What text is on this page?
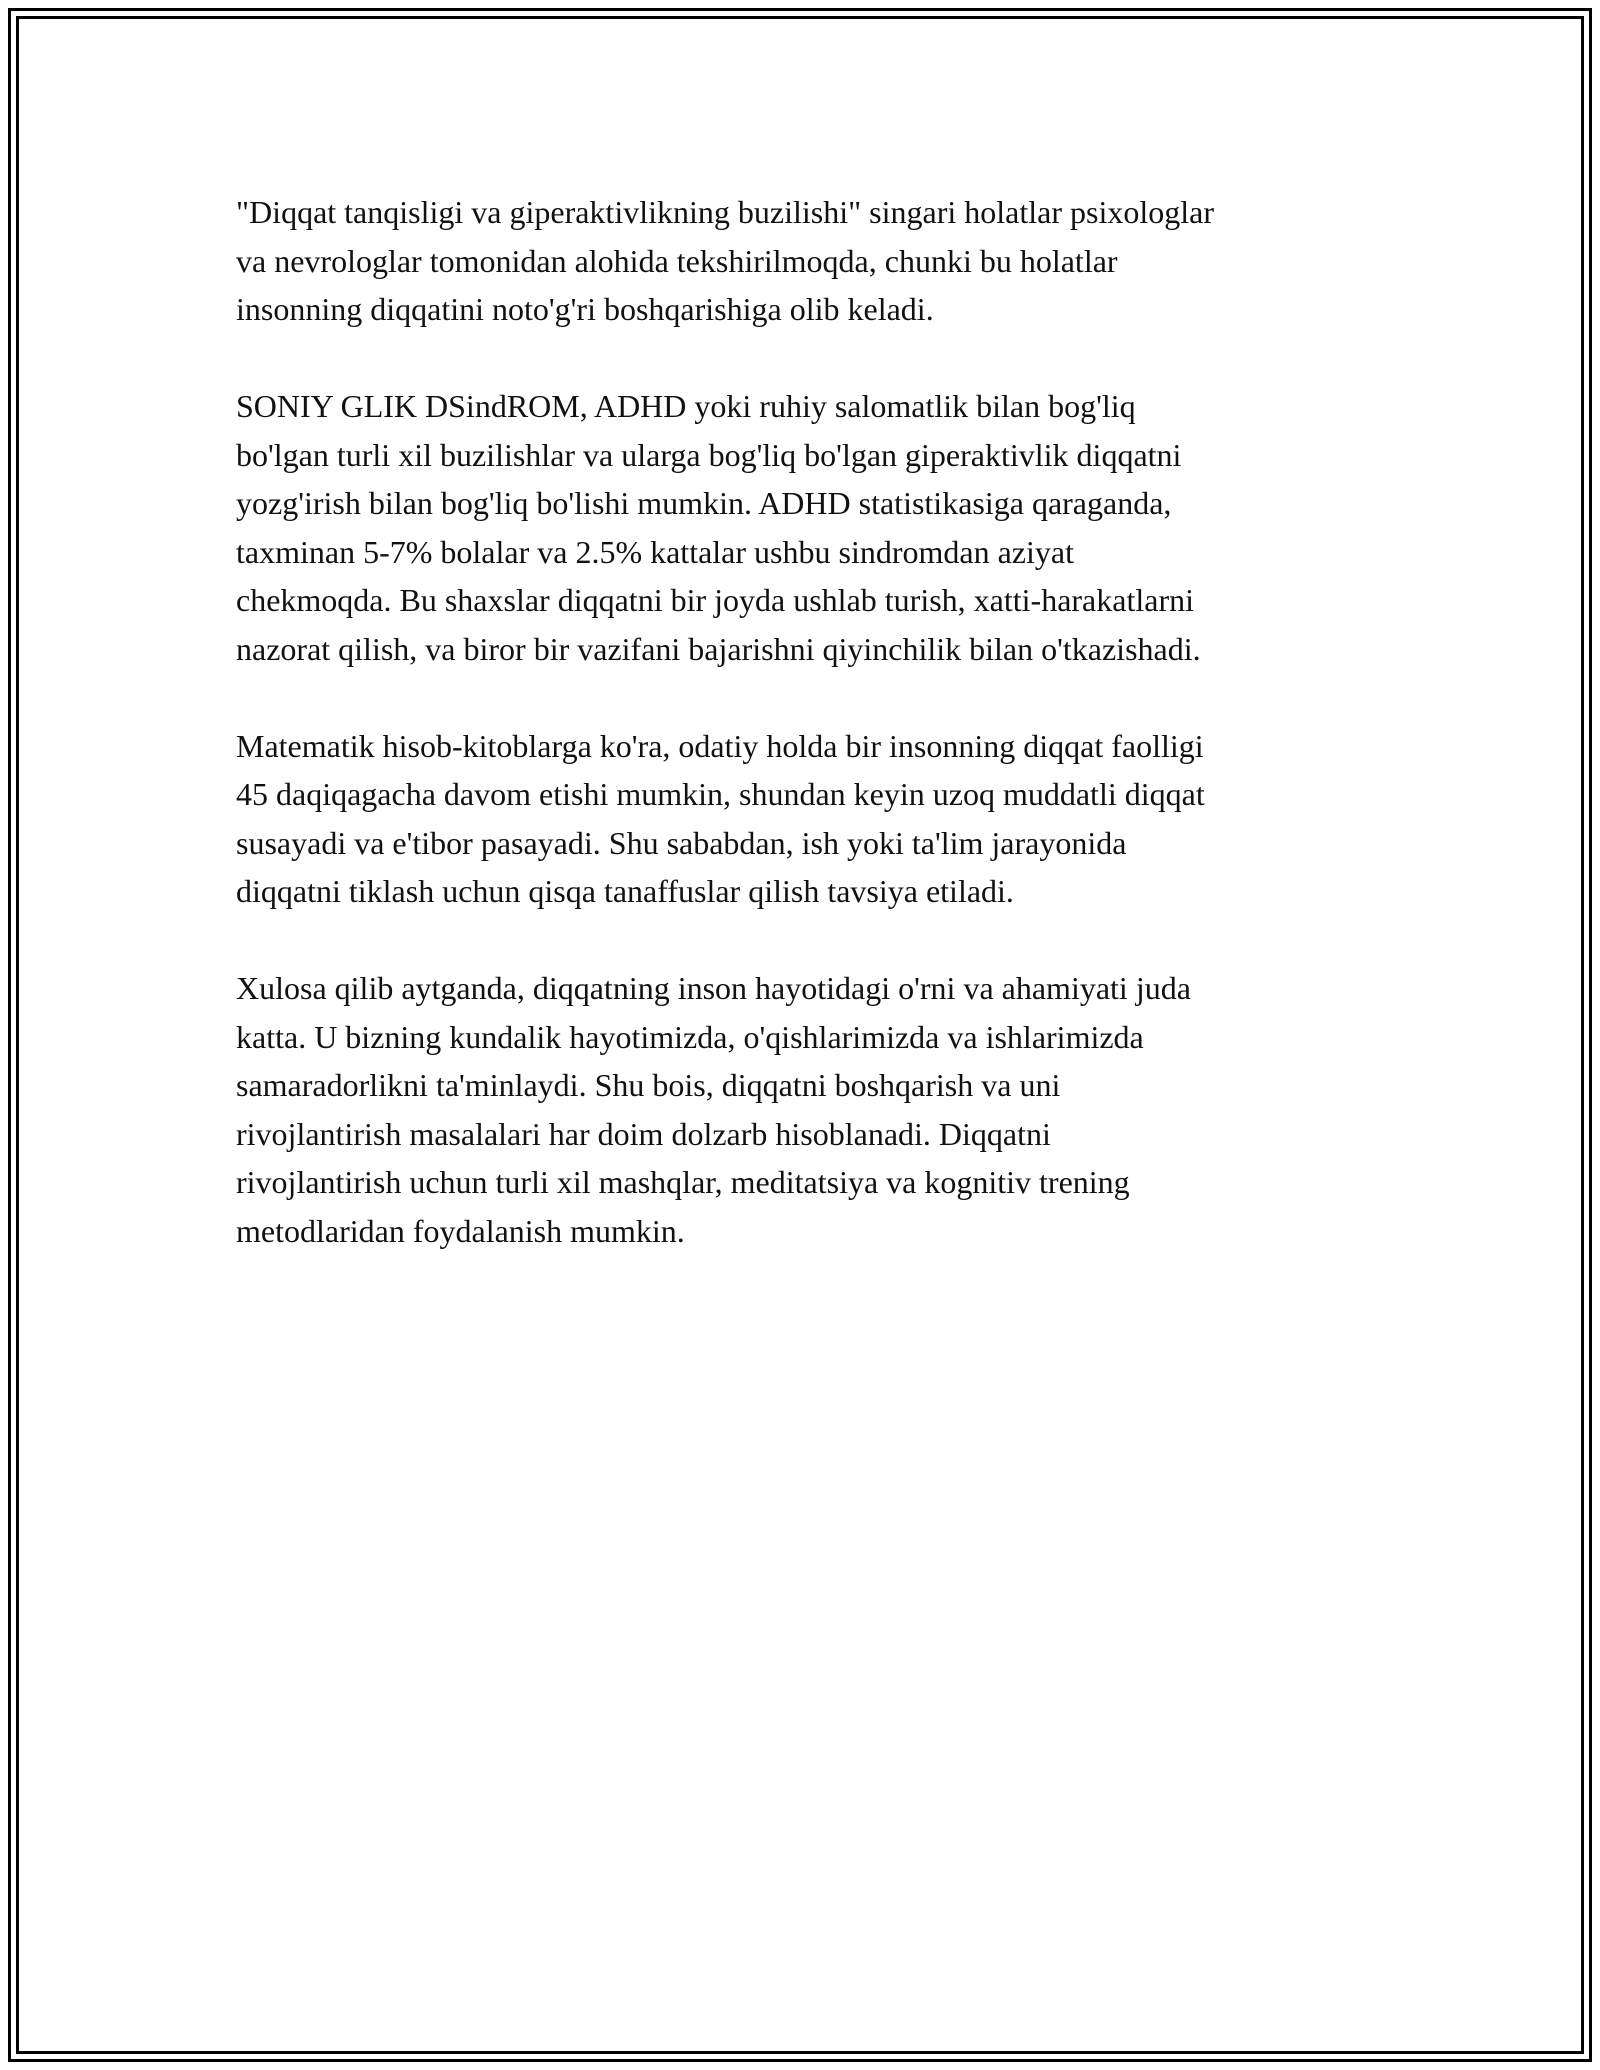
"Diqqat tanqisligi va giperaktivlikning buzilishi" singari holatlar psixologlar
va nevrologlar tomonidan alohida tekshirilmoqda, chunki bu holatlar
insonning diqqatini noto'g'ri boshqarishiga olib keladi.

SONIY GLIK DSindROM, ADHD yoki ruhiy salomatlik bilan bog'liq
bo'lgan turli xil buzilishlar va ularga bog'liq bo'lgan giperaktivlik diqqatni
yozg'irish bilan bog'liq bo'lishi mumkin. ADHD statistikasiga qaraganda,
taxminan 5-7% bolalar va 2.5% kattalar ushbu sindromdan aziyat
chekmoqda. Bu shaxslar diqqatni bir joyda ushlab turish, xatti-harakatlarni
nazorat qilish, va biror bir vazifani bajarishni qiyinchilik bilan o'tkazishadi.

Matematik hisob-kitoblarga ko'ra, odatiy holda bir insonning diqqat faolligi
45 daqiqagacha davom etishi mumkin, shundan keyin uzoq muddatli diqqat
susayadi va e'tibor pasayadi. Shu sababdan, ish yoki ta'lim jarayonida
diqqatni tiklash uchun qisqa tanaffuslar qilish tavsiya etiladi.

Xulosa qilib aytganda, diqqatning inson hayotidagi o'rni va ahamiyati juda
katta. U bizning kundalik hayotimizda, o'qishlarimizda va ishlarimizda
samaradorlikni ta'minlaydi. Shu bois, diqqatni boshqarish va uni
rivojlantirish masalalari har doim dolzarb hisoblanadi. Diqqatni
rivojlantirish uchun turli xil mashqlar, meditatsiya va kognitiv trening
metodlaridan foydalanish mumkin.
